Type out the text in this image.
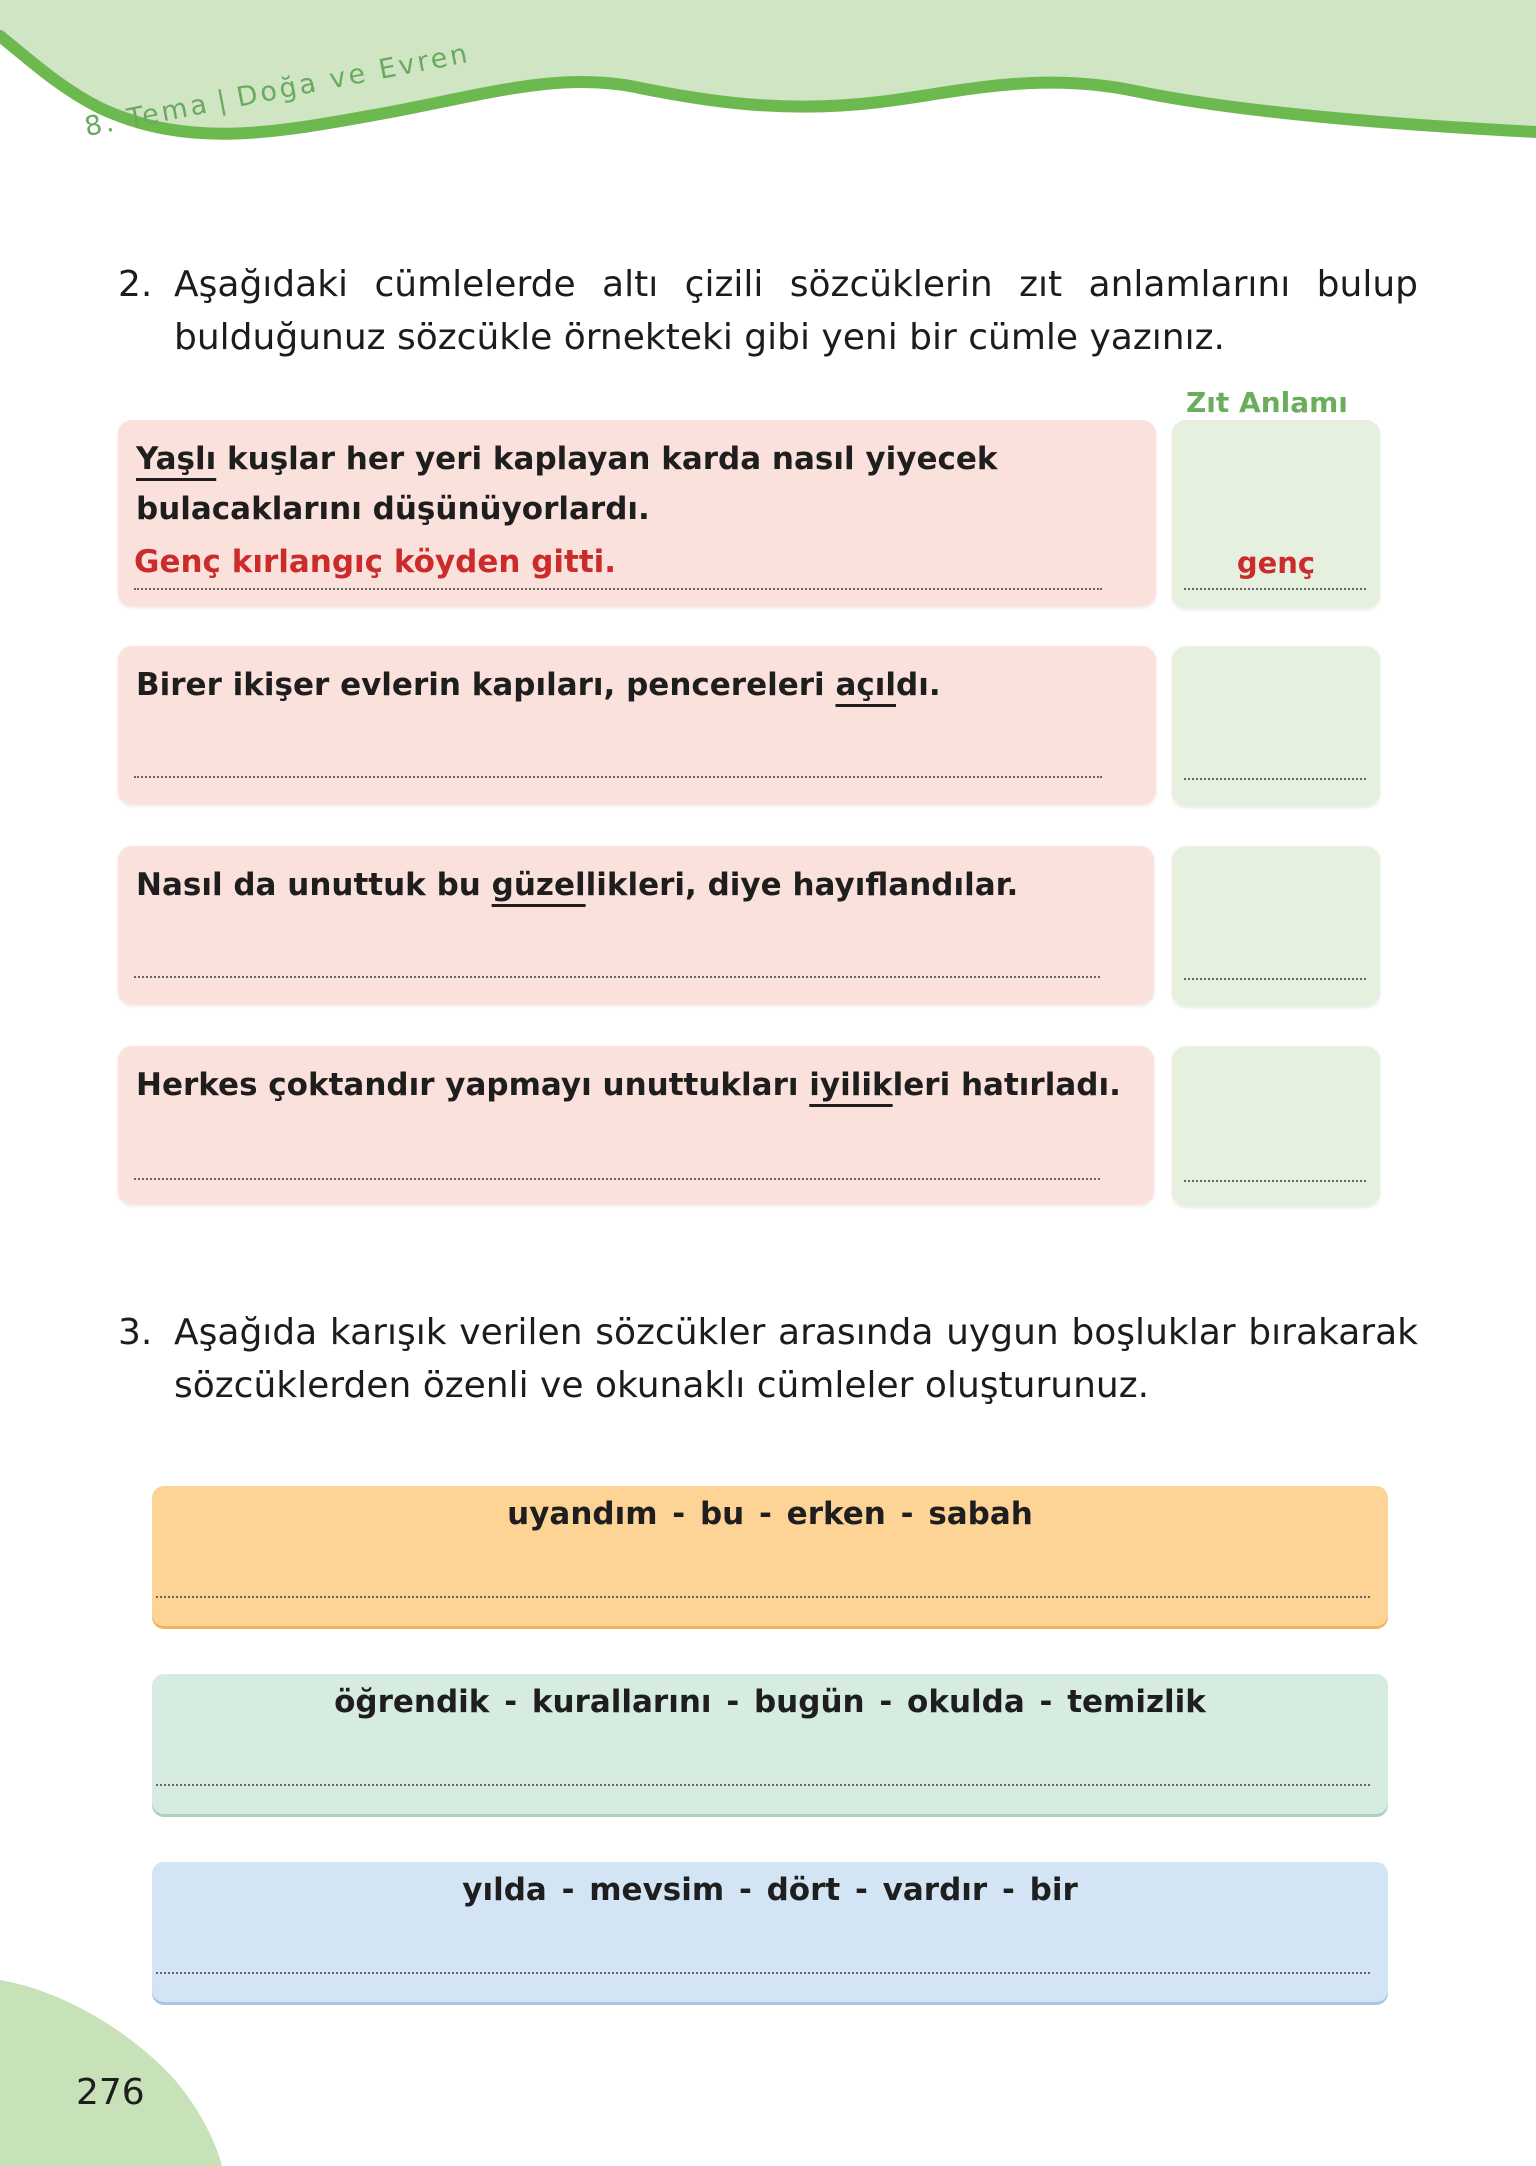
8. Tema|Doğa ve Evren
2. Aşağıdaki cümlelerde altı çizili sözcüklerin zıt anlamlarını bulup bulduğunuz sözcükle örnekteki gibi yeni bir cümle yazınız.
Zıt Anlamı
Yaşlı kuşlar her yeri kaplayan karda nasıl yiyecek bulacaklarını düşünüyorlardı.
Genç kırlangıç köyden gitti.	genç
Birer ikişer evlerin kapıları, pencereleri açıldı.
Nasıl da unuttuk bu güzellikleri, diye hayıflandılar.
Herkes çoktandır yapmayı unuttukları iyilikleri hatırladı.
3. Aşağıda karışık verilen sözcükler arasında uygun boşluklar bırakarak sözcüklerden özenli ve okunaklı cümleler oluşturunuz.
uyandım - bu - erken - sabah
öğrendik - kurallarını - bugün - okulda - temizlik
yılda - mevsim - dört - vardır - bir
276
